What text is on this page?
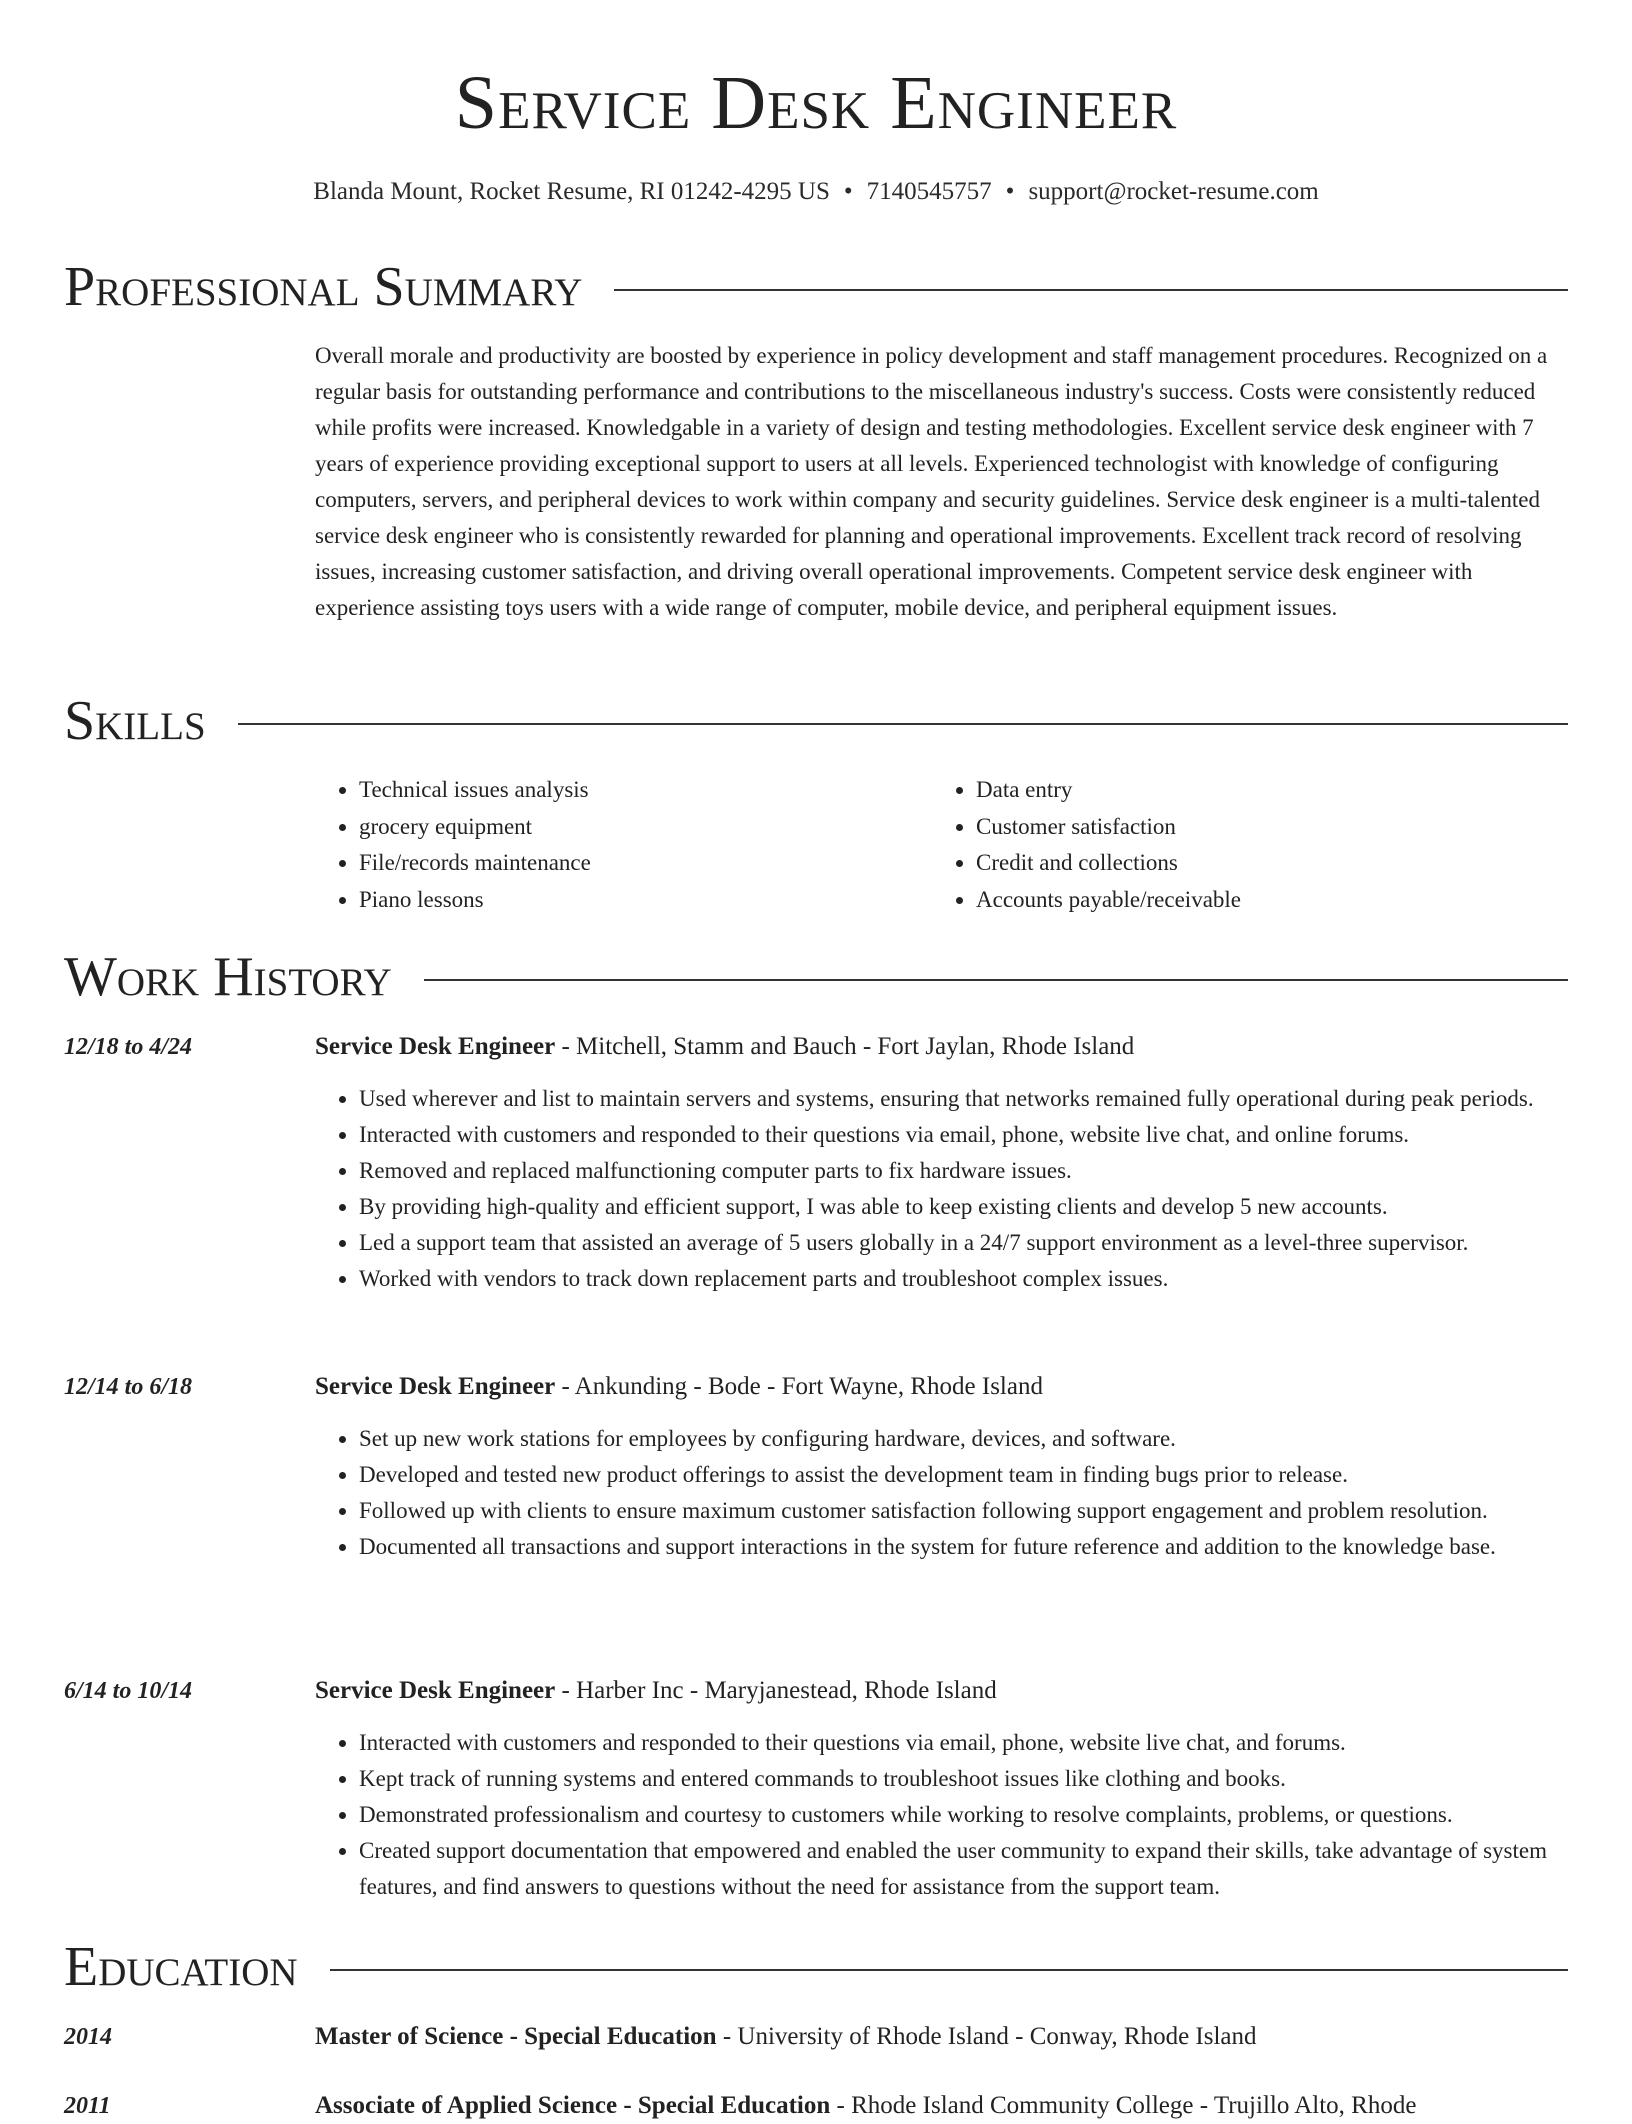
Service Desk Engineer
Blanda Mount, Rocket Resume, RI 01242-4295 US • 7140545757 • support@rocket-resume.com
Professional Summary

Overall morale and productivity are boosted by experience in policy development and staff management procedures. Recognized on a regular basis for outstanding performance and contributions to the miscellaneous industry's success. Costs were consistently reduced while profits were increased. Knowledgable in a variety of design and testing methodologies. Excellent service desk engineer with 7 years of experience providing exceptional support to users at all levels. Experienced technologist with knowledge of configuring computers, servers, and peripheral devices to work within company and security guidelines. Service desk engineer is a multi-talented service desk engineer who is consistently rewarded for planning and operational improvements. Excellent track record of resolving issues, increasing customer satisfaction, and driving overall operational improvements. Competent service desk engineer with experience assisting toys users with a wide range of computer, mobile device, and peripheral equipment issues.

Skills
• Technical issues analysis
• grocery equipment
• File/records maintenance
• Piano lessons
• Data entry
• Customer satisfaction
• Credit and collections
• Accounts payable/receivable
Work History
12/18 to 4/24	Service Desk Engineer - Mitchell, Stamm and Bauch - Fort Jaylan, Rhode Island
• Used wherever and list to maintain servers and systems, ensuring that networks remained fully operational during peak periods.
• Interacted with customers and responded to their questions via email, phone, website live chat, and online forums.
• Removed and replaced malfunctioning computer parts to fix hardware issues.
• By providing high-quality and efficient support, I was able to keep existing clients and develop 5 new accounts.
• Led a support team that assisted an average of 5 users globally in a 24/7 support environment as a level-three supervisor.
• Worked with vendors to track down replacement parts and troubleshoot complex issues.
12/14 to 6/18	Service Desk Engineer - Ankunding - Bode - Fort Wayne, Rhode Island
• Set up new work stations for employees by configuring hardware, devices, and software.
• Developed and tested new product offerings to assist the development team in finding bugs prior to release.
• Followed up with clients to ensure maximum customer satisfaction following support engagement and problem resolution.
• Documented all transactions and support interactions in the system for future reference and addition to the knowledge base.
6/14 to 10/14	Service Desk Engineer - Harber Inc - Maryjanestead, Rhode Island
• Interacted with customers and responded to their questions via email, phone, website live chat, and forums.
• Kept track of running systems and entered commands to troubleshoot issues like clothing and books.
• Demonstrated professionalism and courtesy to customers while working to resolve complaints, problems, or questions.
• Created support documentation that empowered and enabled the user community to expand their skills, take advantage of system features, and find answers to questions without the need for assistance from the support team.
Education
2014	Master of Science - Special Education - University of Rhode Island - Conway, Rhode Island
2011	Associate of Applied Science - Special Education - Rhode Island Community College - Trujillo Alto, Rhode
